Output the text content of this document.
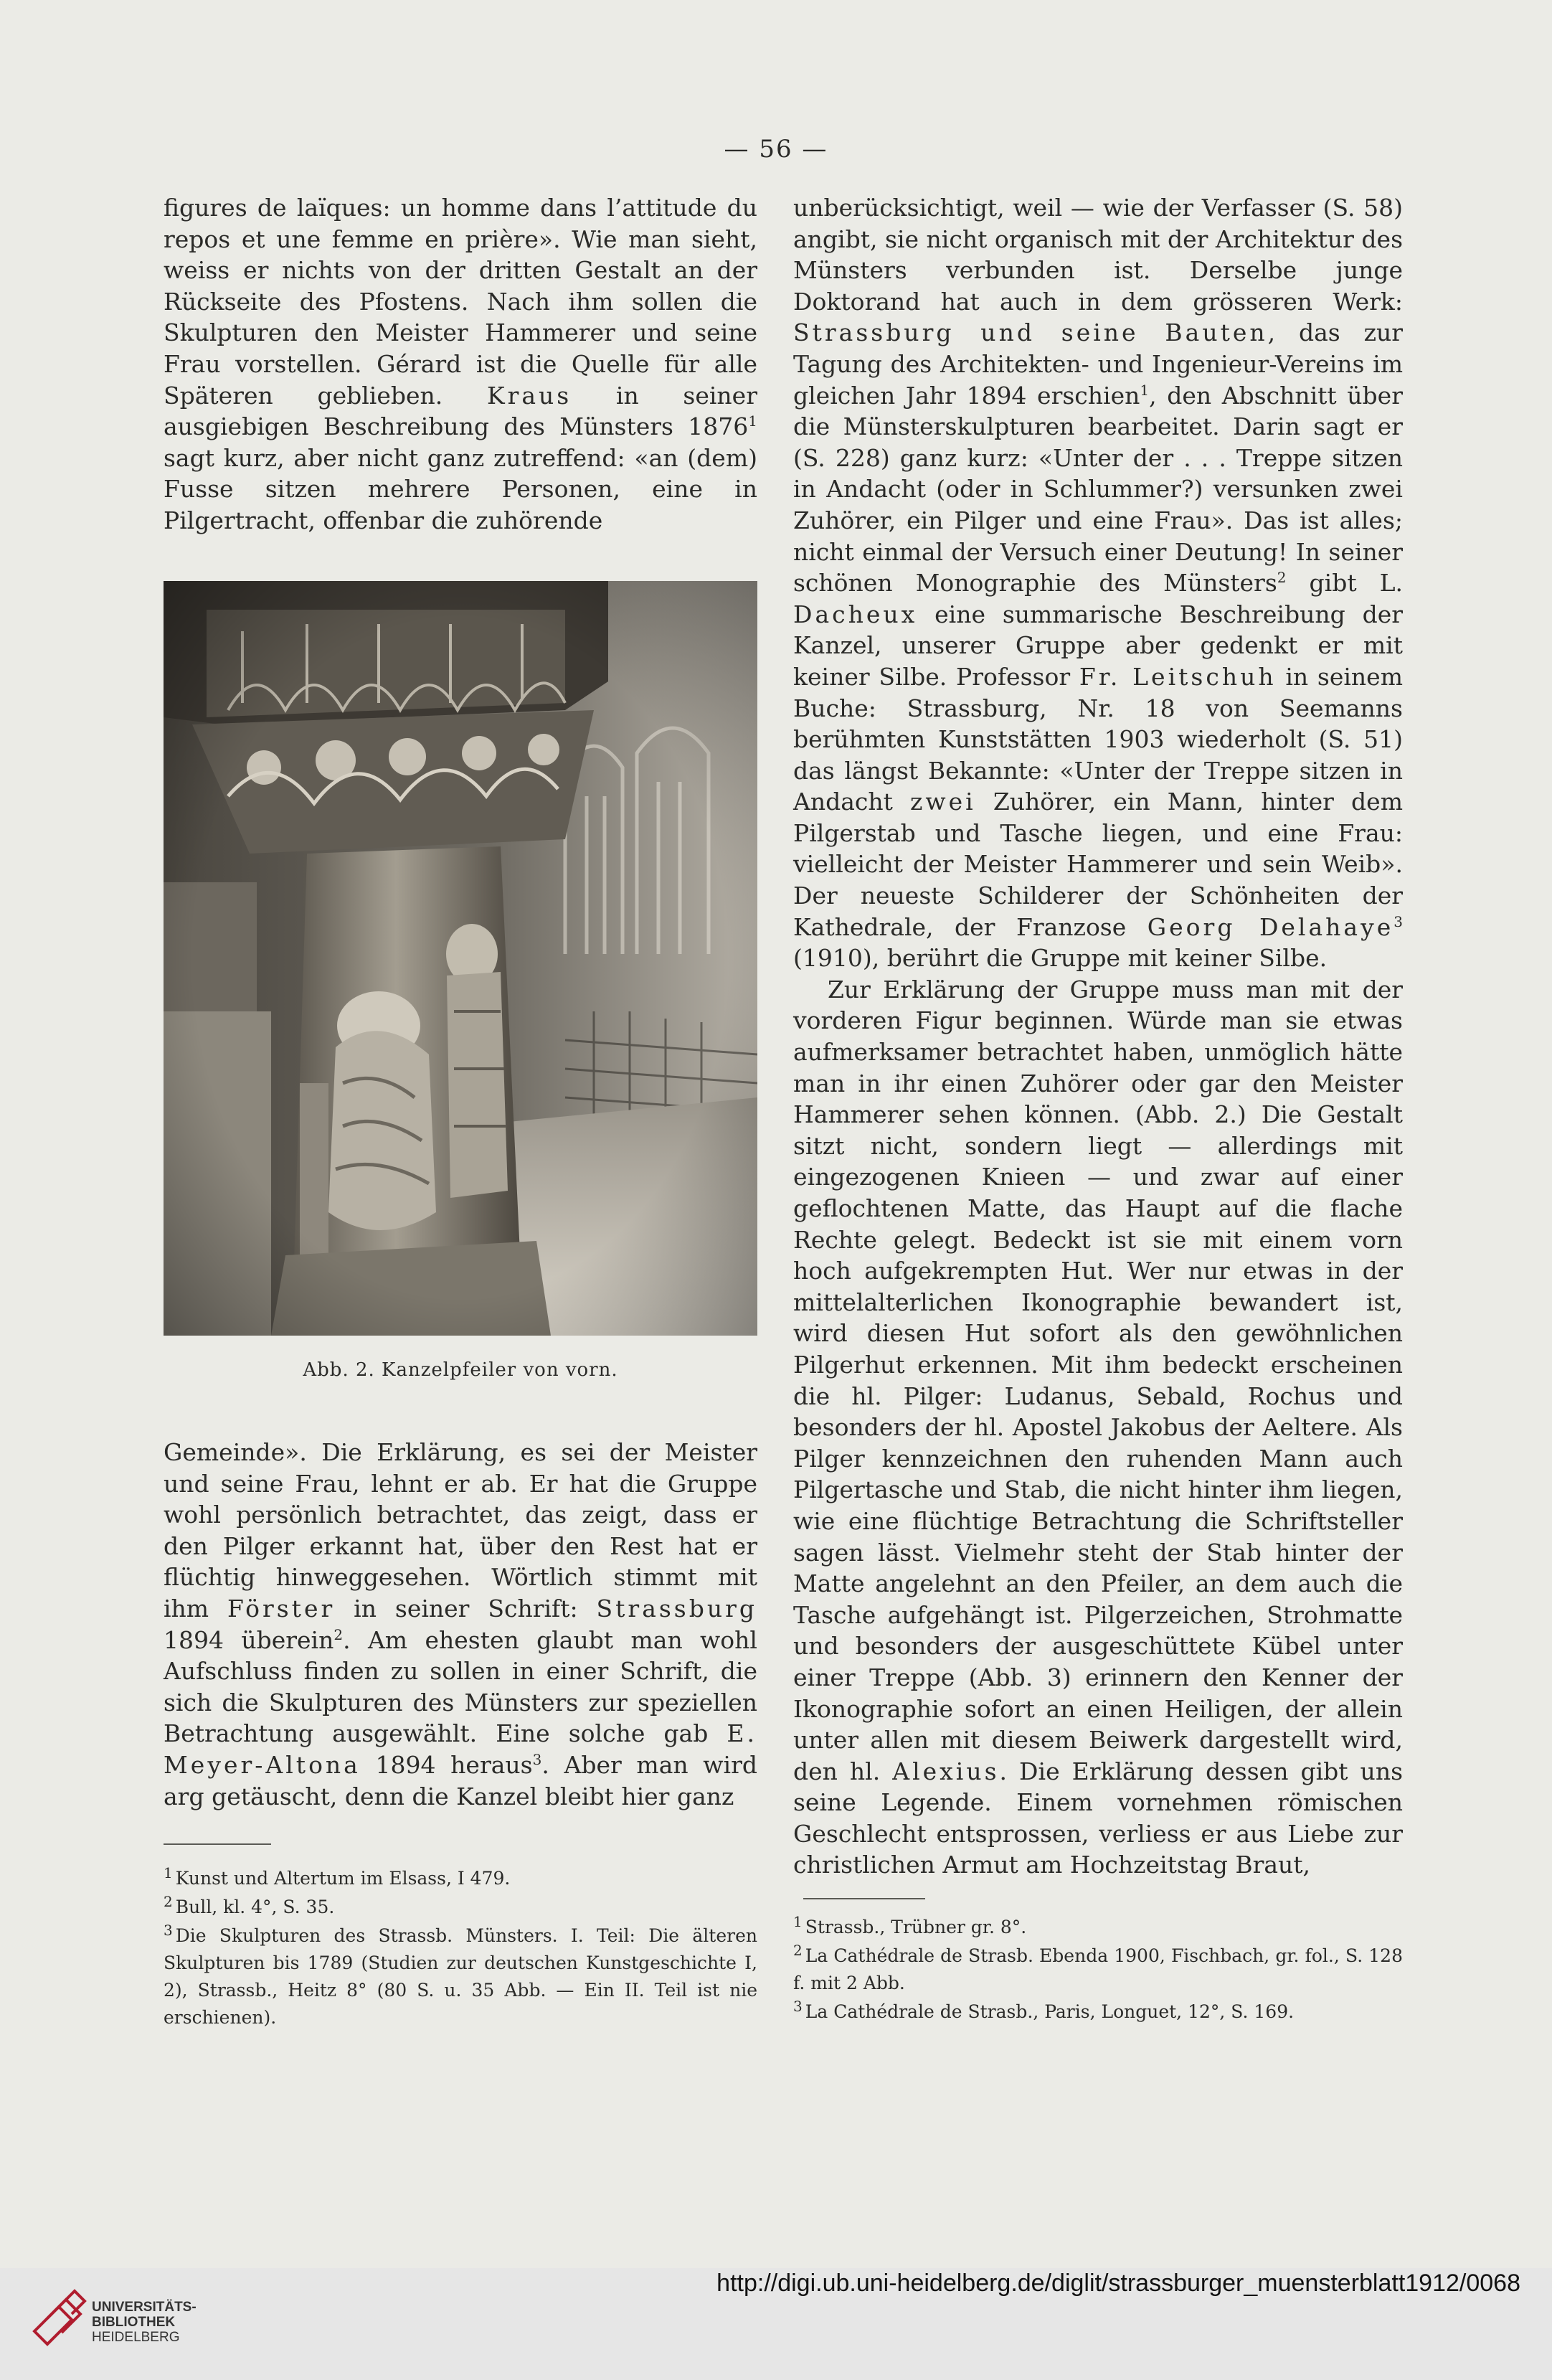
— 56 —
figures de laïques: un homme dans l’attitude du repos et une femme en prière». Wie man sieht, weiss er nichts von der dritten Gestalt an der Rückseite des Pfostens. Nach ihm sollen die Skulpturen den Meister Hammerer und seine Frau vorstellen. Gérard ist die Quelle für alle Späteren geblieben. Kraus in seiner ausgiebigen Beschreibung des Münsters 1876$^1$ sagt kurz, aber nicht ganz zutreffend: «an (dem) Fusse sitzen mehrere Personen, eine in Pilgertracht, offenbar die zuhörende
Abb. 2. Kanzelpfeiler von vorn.
Gemeinde». Die Erklärung, es sei der Meister und seine Frau, lehnt er ab. Er hat die Gruppe wohl persönlich betrachtet, das zeigt, dass er den Pilger erkannt hat, über den Rest hat er flüchtig hinweggesehen. Wörtlich stimmt mit ihm Förster in seiner Schrift: Strassburg 1894 überein$^2$. Am ehesten glaubt man wohl Aufschluss finden zu sollen in einer Schrift, die sich die Skulpturen des Münsters zur speziellen Betrachtung ausgewählt. Eine solche gab E. Meyer-Altona 1894 heraus$^3$. Aber man wird arg getäuscht, denn die Kanzel bleibt hier ganz

$^1$ Kunst und Altertum im Elsass, I 479.

$^2$ Bull, kl. 4°, S. 35.

$^3$ Die Skulpturen des Strassb. Münsters. I. Teil: Die älteren Skulpturen bis 1789 (Studien zur deutschen Kunstgeschichte I, 2), Strassb., Heitz 8° (80 S. u. 35 Abb. — Ein II. Teil ist nie erschienen).

unberücksichtigt, weil — wie der Verfasser (S. 58) angibt, sie nicht organisch mit der Architektur des Münsters verbunden ist. Derselbe junge Doktorand hat auch in dem grösseren Werk: Strassburg und seine Bauten, das zur Tagung des Architekten- und Ingenieur-Vereins im gleichen Jahr 1894 erschien$^1$, den Abschnitt über die Münsterskulpturen bearbeitet. Darin sagt er (S. 228) ganz kurz: «Unter der . . . Treppe sitzen in Andacht (oder in Schlummer?) versunken zwei Zuhörer, ein Pilger und eine Frau». Das ist alles; nicht einmal der Versuch einer Deutung! In seiner schönen Monographie des Münsters$^2$ gibt L. Dacheux eine summarische Beschreibung der Kanzel, unserer Gruppe aber gedenkt er mit keiner Silbe. Professor Fr. Leitschuh in seinem Buche: Strassburg, Nr. 18 von Seemanns berühmten Kunststätten 1903 wiederholt (S. 51) das längst Bekannte: «Unter der Treppe sitzen in Andacht zwei Zuhörer, ein Mann, hinter dem Pilgerstab und Tasche liegen, und eine Frau: vielleicht der Meister Hammerer und sein Weib». Der neueste Schilderer der Schönheiten der Kathedrale, der Franzose Georg Delahaye$^3$ (1910), berührt die Gruppe mit keiner Silbe.

Zur Erklärung der Gruppe muss man mit der vorderen Figur beginnen. Würde man sie etwas aufmerksamer betrachtet haben, unmöglich hätte man in ihr einen Zuhörer oder gar den Meister Hammerer sehen können. (Abb. 2.) Die Gestalt sitzt nicht, sondern liegt — allerdings mit eingezogenen Knieen — und zwar auf einer geflochtenen Matte, das Haupt auf die flache Rechte gelegt. Bedeckt ist sie mit einem vorn hoch aufgekrempten Hut. Wer nur etwas in der mittelalterlichen Ikonographie bewandert ist, wird diesen Hut sofort als den gewöhnlichen Pilgerhut erkennen. Mit ihm bedeckt erscheinen die hl. Pilger: Ludanus, Sebald, Rochus und besonders der hl. Apostel Jakobus der Aeltere. Als Pilger kennzeichnen den ruhenden Mann auch Pilgertasche und Stab, die nicht hinter ihm liegen, wie eine flüchtige Betrachtung die Schriftsteller sagen lässt. Vielmehr steht der Stab hinter der Matte angelehnt an den Pfeiler, an dem auch die Tasche aufgehängt ist. Pilgerzeichen, Strohmatte und besonders der ausgeschüttete Kübel unter einer Treppe (Abb. 3) erinnern den Kenner der Ikonographie sofort an einen Heiligen, der allein unter allen mit diesem Beiwerk dargestellt wird, den hl. Alexius. Die Erklärung dessen gibt uns seine Legende. Einem vornehmen römischen Geschlecht entsprossen, verliess er aus Liebe zur christlichen Armut am Hochzeitstag Braut,

$^1$ Strassb., Trübner gr. 8°.

$^2$ La Cathédrale de Strasb. Ebenda 1900, Fischbach, gr. fol., S. 128 f. mit 2 Abb.

$^3$ La Cathédrale de Strasb., Paris, Longuet, 12°, S. 169.

UNIVERSITÄTS-
BIBLIOTHEK
HEIDELBERG
http://digi.ub.uni-heidelberg.de/diglit/strassburger_muensterblatt1912/0068
